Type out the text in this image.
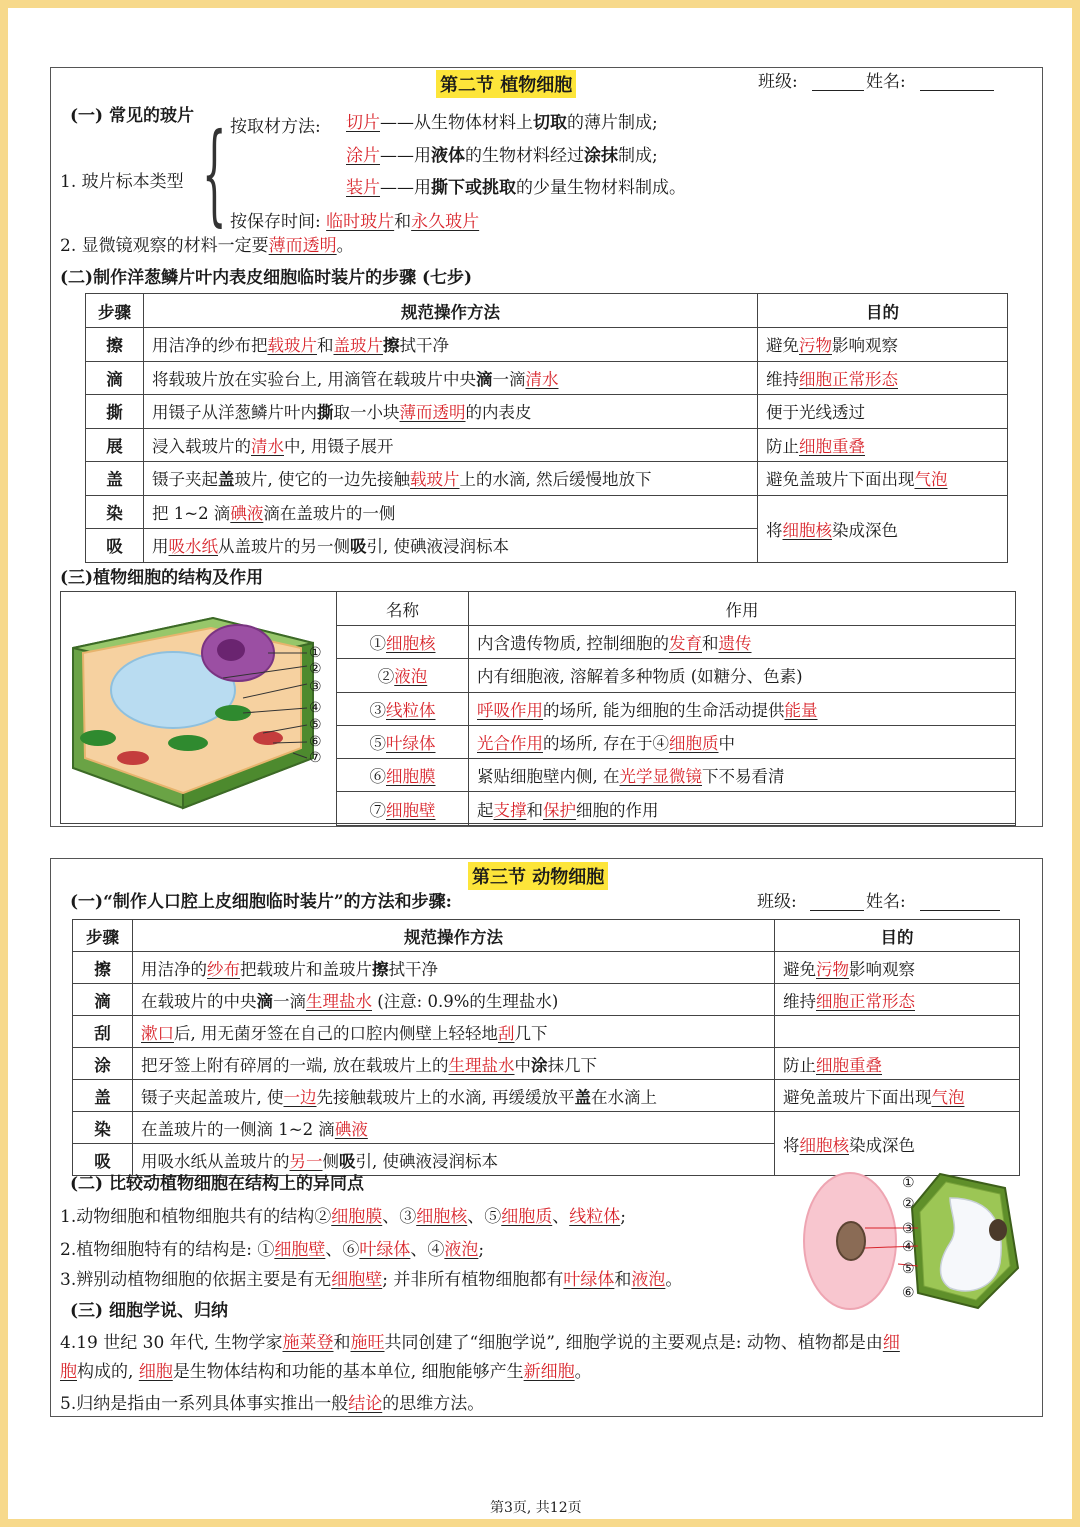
第二节 植物细胞	班级:	姓名:
(一) 常见的玻片
1. 玻片标本类型 { 按取材方法: 切片——从生物体材料上切取的薄片制成;
涂片——用液体的生物材料经过涂抹制成;
装片——用撕下或挑取的少量生物材料制成。
按保存时间: 临时玻片和永久玻片
2. 显微镜观察的材料一定要薄而透明。
(二)制作洋葱鳞片叶内表皮细胞临时装片的步骤 (七步)
步骤	规范操作方法	目的
擦	用洁净的纱布把载玻片和盖玻片擦拭干净	避免污物影响观察
滴	将载玻片放在实验台上, 用滴管在载玻片中央滴一滴清水	维持细胞正常形态
撕	用镊子从洋葱鳞片叶内撕取一小块薄而透明的内表皮	便于光线透过
展	浸入载玻片的清水中, 用镊子展开	防止细胞重叠
盖	镊子夹起盖玻片, 使它的一边先接触载玻片上的水滴, 然后缓慢地放下	避免盖玻片下面出现气泡
染	把 1~2 滴碘液滴在盖玻片的一侧	将细胞核染成深色
吸	用吸水纸从盖玻片的另一侧吸引, 使碘液浸润标本	
(三)植物细胞的结构及作用
①
②
③
④
⑤
⑥
⑦
名称	作用
①细胞核	内含遗传物质, 控制细胞的发育和遗传
②液泡	内有细胞液, 溶解着多种物质 (如糖分、色素)
③线粒体	呼吸作用的场所, 能为细胞的生命活动提供能量
⑤叶绿体	光合作用的场所, 存在于④细胞质中
⑥细胞膜	紧贴细胞壁内侧, 在光学显微镜下不易看清
⑦细胞壁	起支撑和保护细胞的作用
第三节 动物细胞
(一)“制作人口腔上皮细胞临时装片”的方法和步骤:	班级:	姓名:
步骤	规范操作方法	目的
擦	用洁净的纱布把载玻片和盖玻片擦拭干净	避免污物影响观察
滴	在载玻片的中央滴一滴生理盐水 (注意: 0.9%的生理盐水)	维持细胞正常形态
刮	漱口后, 用无菌牙签在自己的口腔内侧壁上轻轻地刮几下	
涂	把牙签上附有碎屑的一端, 放在载玻片上的生理盐水中涂抹几下	防止细胞重叠
盖	镊子夹起盖玻片, 使一边先接触载玻片上的水滴, 再缓缓放平盖在水滴上	避免盖玻片下面出现气泡
染	在盖玻片的一侧滴 1~2 滴碘液	将细胞核染成深色
吸	用吸水纸从盖玻片的另一侧吸引, 使碘液浸润标本	
(二) 比较动植物细胞在结构上的异同点
1.动物细胞和植物细胞共有的结构②细胞膜、③细胞核、⑤细胞质、线粒体;
2.植物细胞特有的结构是: ①细胞壁、⑥叶绿体、④液泡;
3.辨别动植物细胞的依据主要是有无细胞壁; 并非所有植物细胞都有叶绿体和液泡。
(三) 细胞学说、归纳
4.19 世纪 30 年代, 生物学家施莱登和施旺共同创建了“细胞学说”, 细胞学说的主要观点是: 动物、植物都是由细
胞构成的, 细胞是生物体结构和功能的基本单位, 细胞能够产生新细胞。
5.归纳是指由一系列具体事实推出一般结论的思维方法。
①
②
③
④
⑤
⑥
第3页, 共12页
